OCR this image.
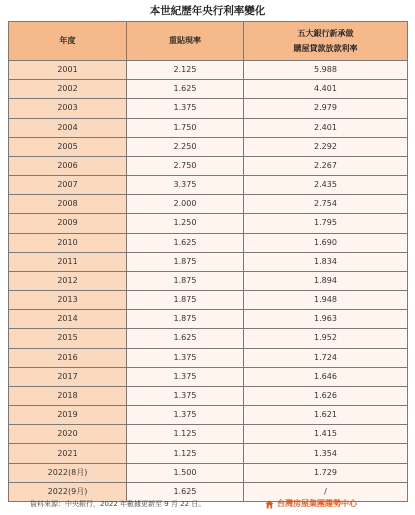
本世紀歷年央行利率變化
年度	重貼現率	五大銀行新承做
購屋貸款放款利率

2001	2.125	5.988
2002	1.625	4.401
2003	1.375	2.979
2004	1.750	2.401
2005	2.250	2.292
2006	2.750	2.267
2007	3.375	2.435
2008	2.000	2.754
2009	1.250	1.795
2010	1.625	1.690
2011	1.875	1.834
2012	1.875	1.894
2013	1.875	1.948
2014	1.875	1.963
2015	1.625	1.952
2016	1.375	1.724
2017	1.375	1.646
2018	1.375	1.626
2019	1.375	1.621
2020	1.125	1.415
2021	1.125	1.354
2022(8月)	1.500	1.729
2022(9月)	1.625	/
資料來源：中央銀行，2022 年數據更新至 9 月 22 日。	台灣房屋集團趨勢中心
